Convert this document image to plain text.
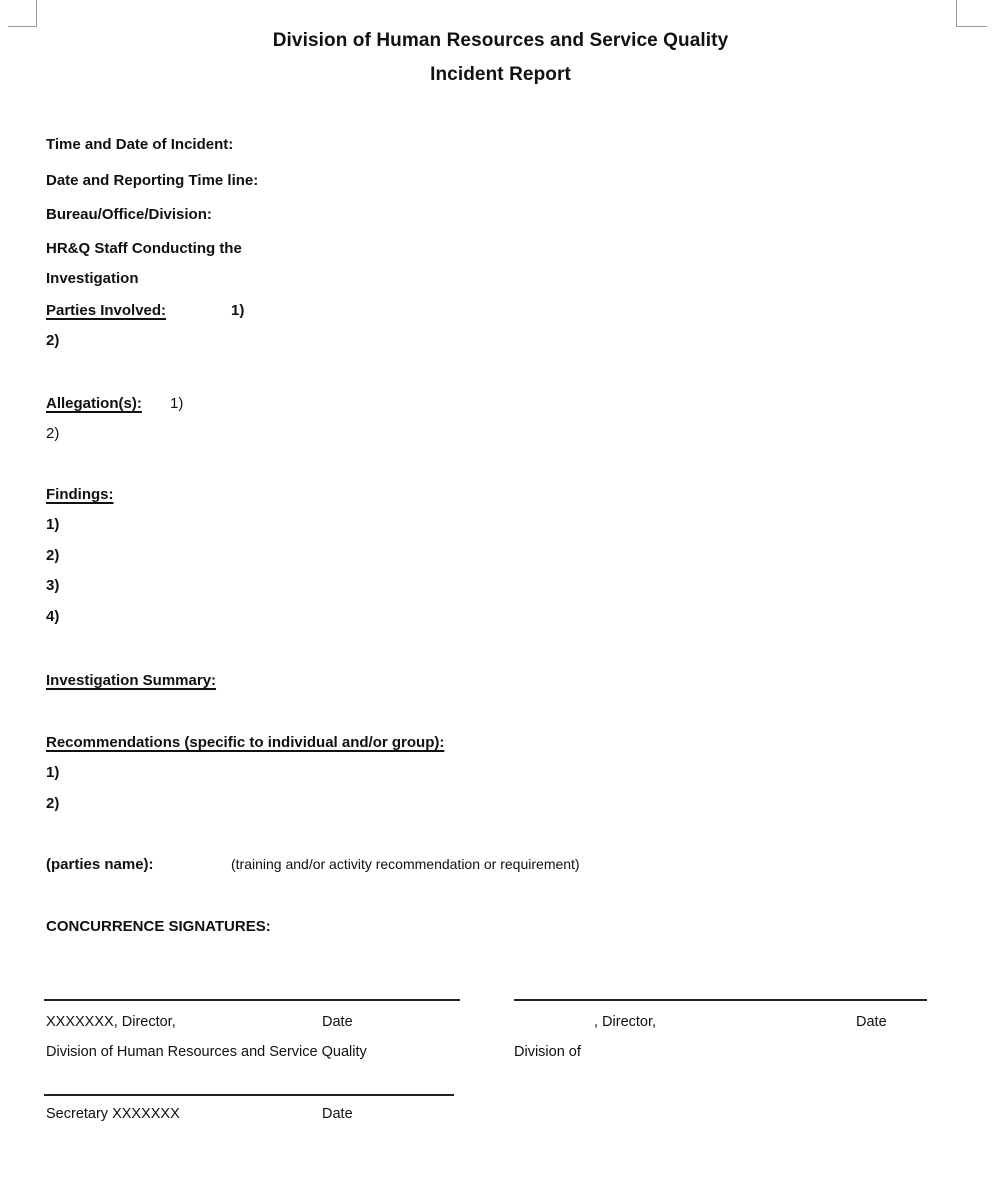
Division of Human Resources and Service Quality
Incident Report
Time and Date of Incident:
Date and Reporting Time line:
Bureau/Office/Division:
HR&Q Staff Conducting the
Investigation
Parties Involved:	1)
2)
Allegation(s): 1)
2)
Findings:
1)
2)
3)
4)
Investigation Summary:
Recommendations (specific to individual and/or group):
1)
2)
(parties name):	(training and/or activity recommendation or requirement)
CONCURRENCE SIGNATURES:
XXXXXXX, Director,	Date
Division of Human Resources and Service Quality
, Director,	Date
Division of
Secretary XXXXXXX	Date
